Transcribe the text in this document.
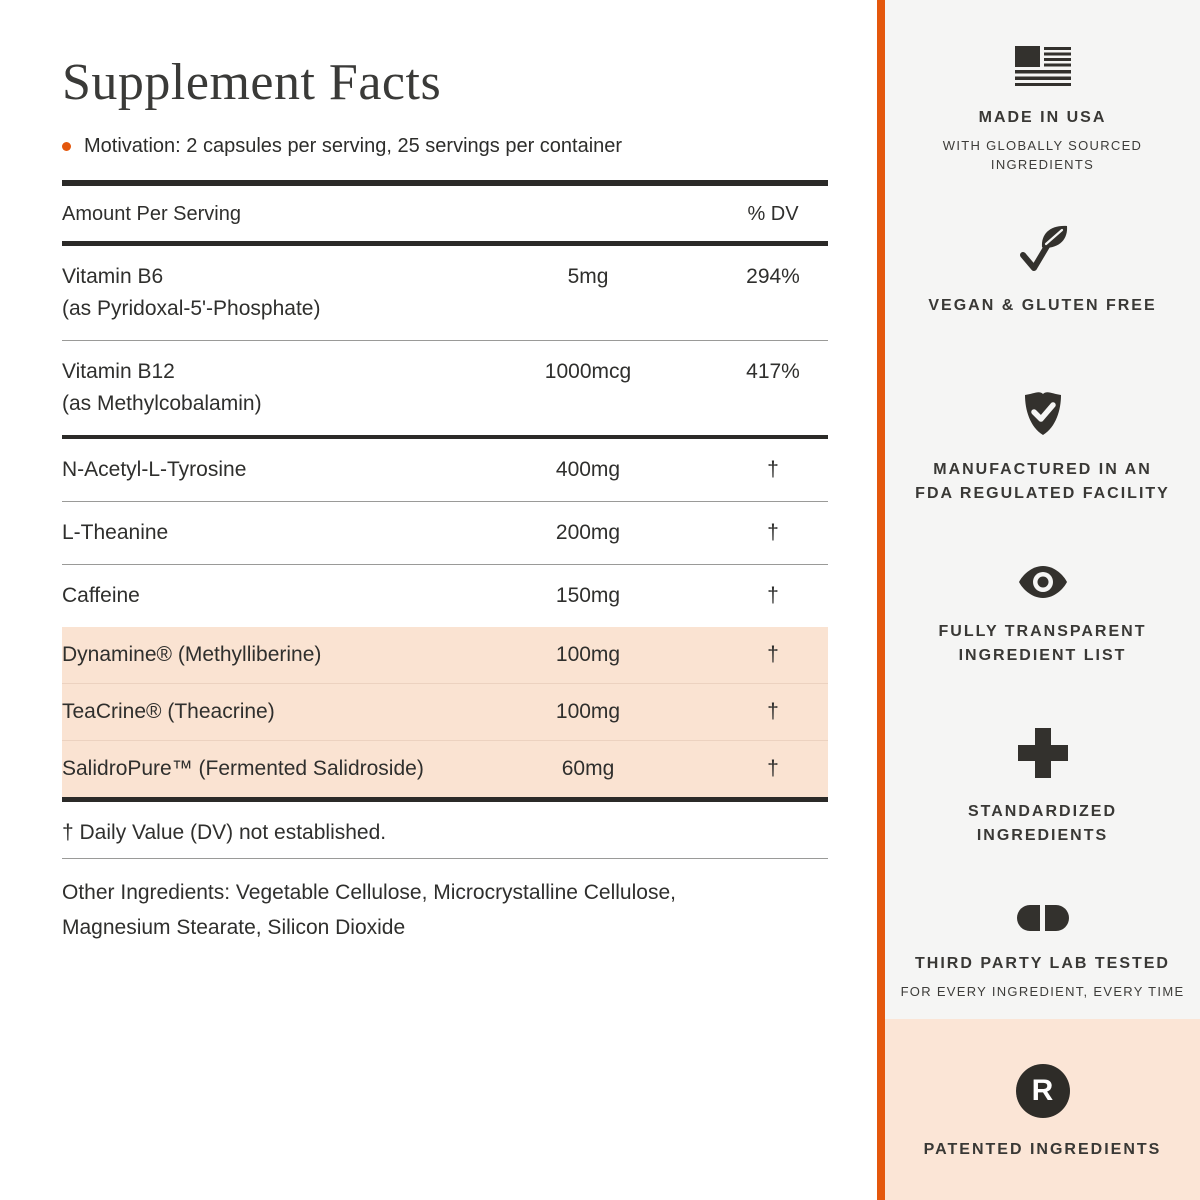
Supplement Facts
Motivation: 2 capsules per serving, 25 servings per container
Amount Per Serving	% DV
Vitamin B6
(as Pyridoxal-5'-Phosphate)
5mg	294%
Vitamin B12
(as Methylcobalamin)
1000mcg	417%
N-Acetyl-L-Tyrosine	400mg	†
L-Theanine	200mg	†
Caffeine	150mg	†
Dynamine® (Methylliberine)	100mg	†
TeaCrine® (Theacrine)	100mg	†
SalidroPure™ (Fermented Salidroside)	60mg	†
† Daily Value (DV) not established.

Other Ingredients: Vegetable Cellulose, Microcrystalline Cellulose, Magnesium Stearate, Silicon Dioxide

MADE IN USA
WITH GLOBALLY SOURCED
INGREDIENTS
VEGAN & GLUTEN FREE
MANUFACTURED IN AN
FDA REGULATED FACILITY
FULLY TRANSPARENT
INGREDIENT LIST
STANDARDIZED
INGREDIENTS
THIRD PARTY LAB TESTED
FOR EVERY INGREDIENT, EVERY TIME
R
PATENTED INGREDIENTS
